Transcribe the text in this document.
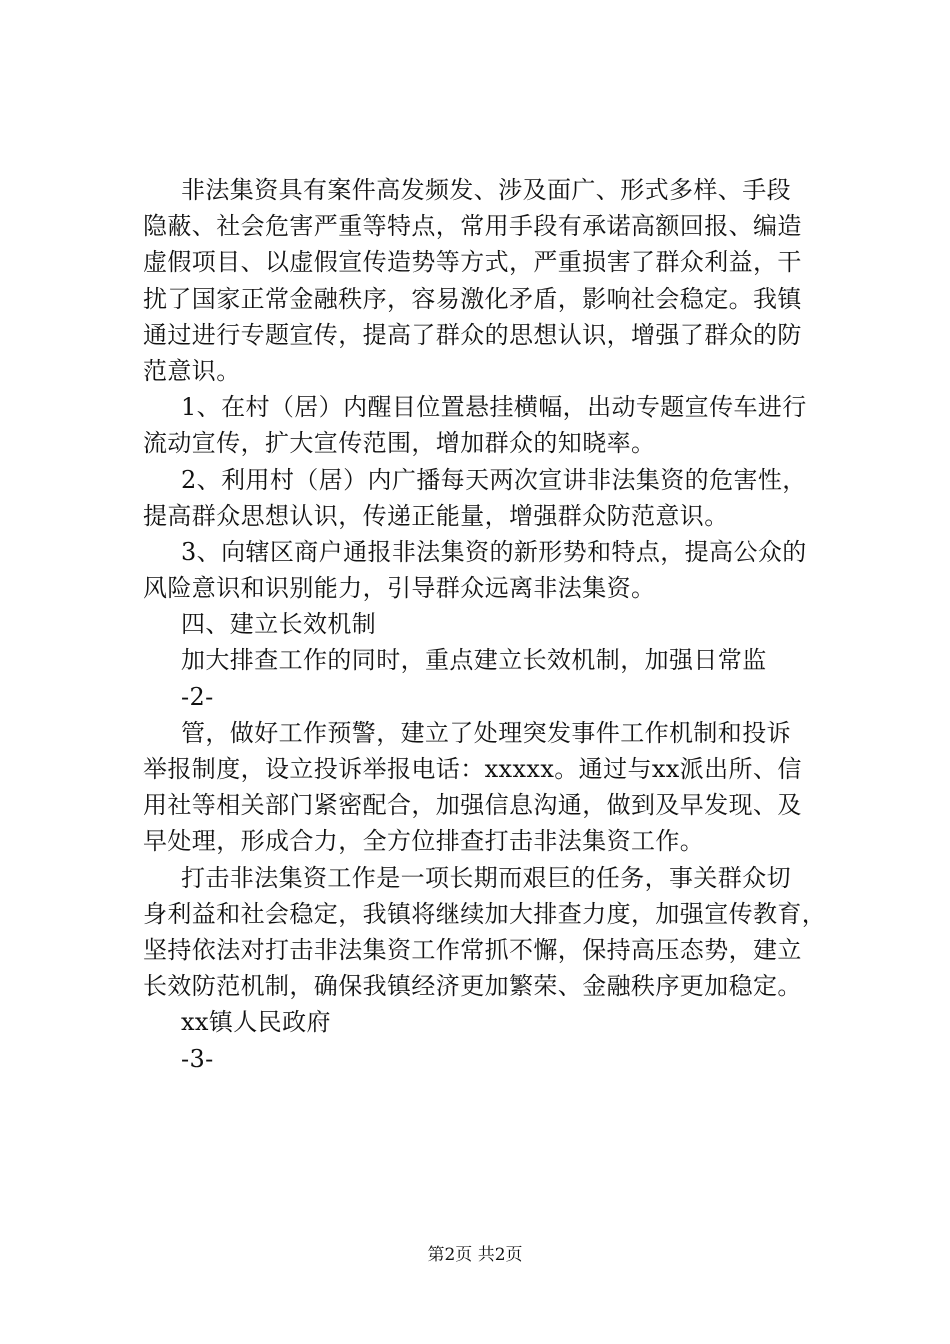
非法集资具有案件高发频发、涉及面广、形式多样、手段
隐蔽、社会危害严重等特点，常用手段有承诺高额回报、编造
虚假项目、以虚假宣传造势等方式，严重损害了群众利益，干
扰了国家正常金融秩序，容易激化矛盾，影响社会稳定。我镇
通过进行专题宣传，提高了群众的思想认识，增强了群众的防
范意识。
1、在村（居）内醒目位置悬挂横幅，出动专题宣传车进行
流动宣传，扩大宣传范围，增加群众的知晓率。
2、利用村（居）内广播每天两次宣讲非法集资的危害性，
提高群众思想认识，传递正能量，增强群众防范意识。
3、向辖区商户通报非法集资的新形势和特点，提高公众的
风险意识和识别能力，引导群众远离非法集资。
四、建立长效机制
加大排查工作的同时，重点建立长效机制，加强日常监
-2-
管，做好工作预警，建立了处理突发事件工作机制和投诉
举报制度，设立投诉举报电话：xxxxx。通过与xx派出所、信
用社等相关部门紧密配合，加强信息沟通，做到及早发现、及
早处理，形成合力，全方位排查打击非法集资工作。
打击非法集资工作是一项长期而艰巨的任务，事关群众切
身利益和社会稳定，我镇将继续加大排查力度，加强宣传教育，
坚持依法对打击非法集资工作常抓不懈，保持高压态势，建立
长效防范机制，确保我镇经济更加繁荣、金融秩序更加稳定。
xx镇人民政府
-3-
第2页 共2页
